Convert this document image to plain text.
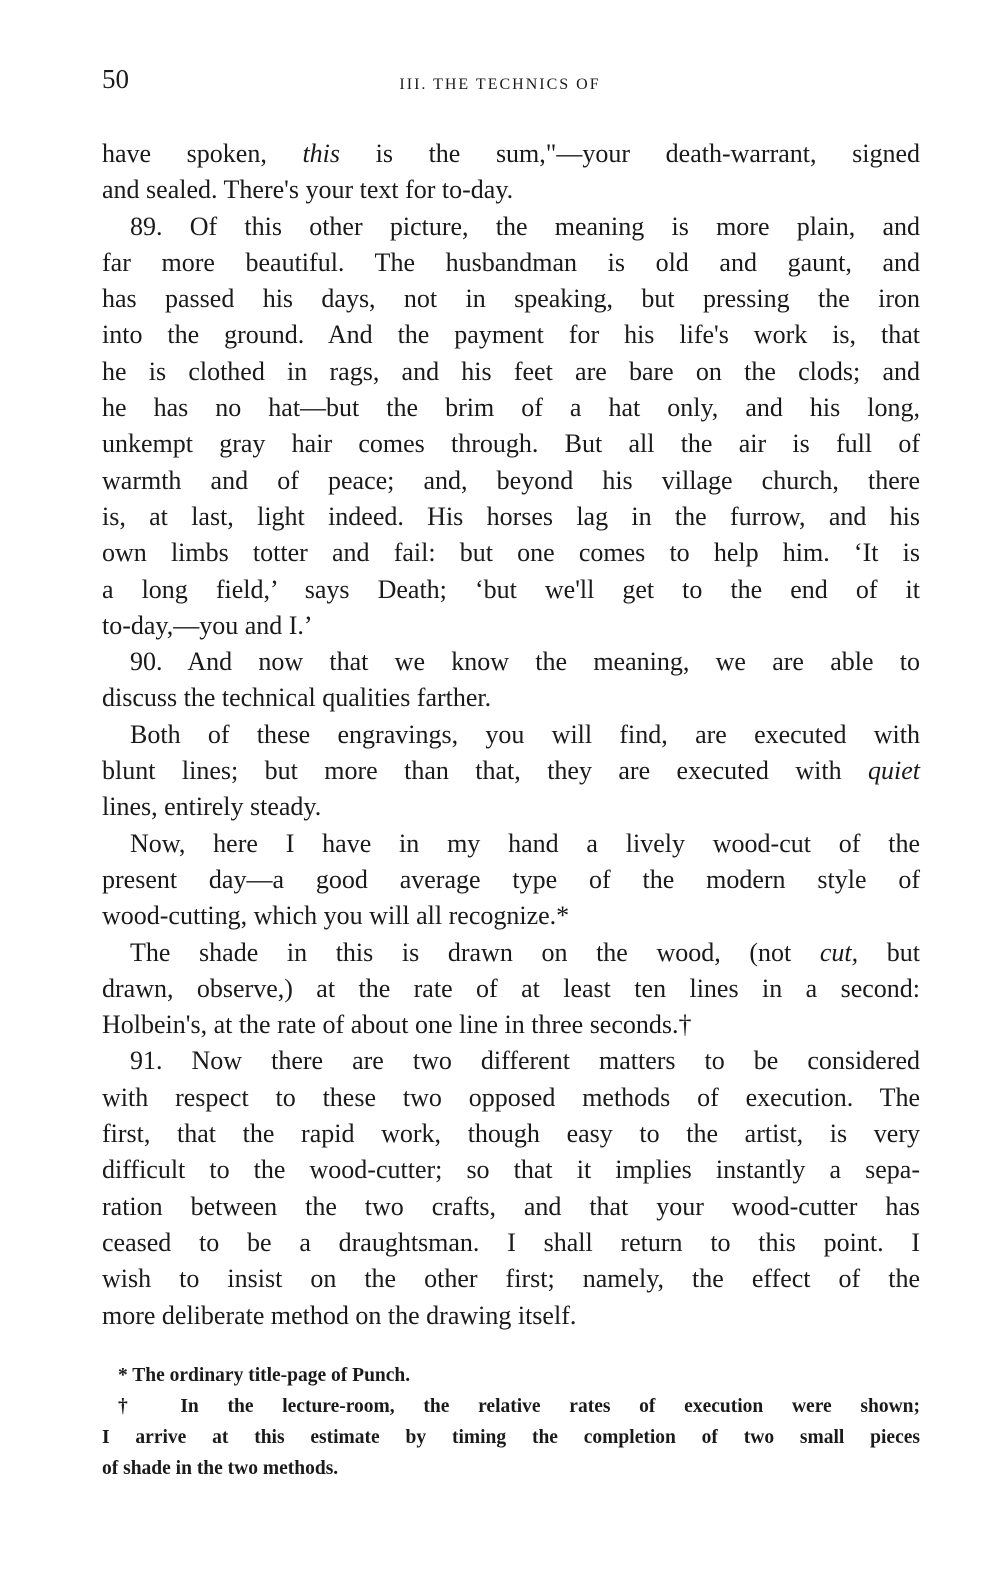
50	III. THE TECHNICS OF
have spoken, this is the sum,"—your death-warrant, signed
and sealed. There's your text for to-day.
89. Of this other picture, the meaning is more plain, and
far more beautiful. The husbandman is old and gaunt, and
has passed his days, not in speaking, but pressing the iron
into the ground. And the payment for his life's work is, that
he is clothed in rags, and his feet are bare on the clods; and
he has no hat—but the brim of a hat only, and his long,
unkempt gray hair comes through. But all the air is full of
warmth and of peace; and, beyond his village church, there
is, at last, light indeed. His horses lag in the furrow, and his
own limbs totter and fail: but one comes to help him. ‘It is
a long field,’ says Death; ‘but we'll get to the end of it
to-day,—you and I.’
90. And now that we know the meaning, we are able to
discuss the technical qualities farther.
Both of these engravings, you will find, are executed with
blunt lines; but more than that, they are executed with quiet
lines, entirely steady.
Now, here I have in my hand a lively wood-cut of the
present day—a good average type of the modern style of
wood-cutting, which you will all recognize.*
The shade in this is drawn on the wood, (not cut, but
drawn, observe,) at the rate of at least ten lines in a second:
Holbein's, at the rate of about one line in three seconds.†
91. Now there are two different matters to be considered
with respect to these two opposed methods of execution. The
first, that the rapid work, though easy to the artist, is very
difficult to the wood-cutter; so that it implies instantly a sepa-
ration between the two crafts, and that your wood-cutter has
ceased to be a draughtsman. I shall return to this point. I
wish to insist on the other first; namely, the effect of the
more deliberate method on the drawing itself.
* The ordinary title-page of Punch.
† In the lecture-room, the relative rates of execution were shown;
I arrive at this estimate by timing the completion of two small pieces
of shade in the two methods.
